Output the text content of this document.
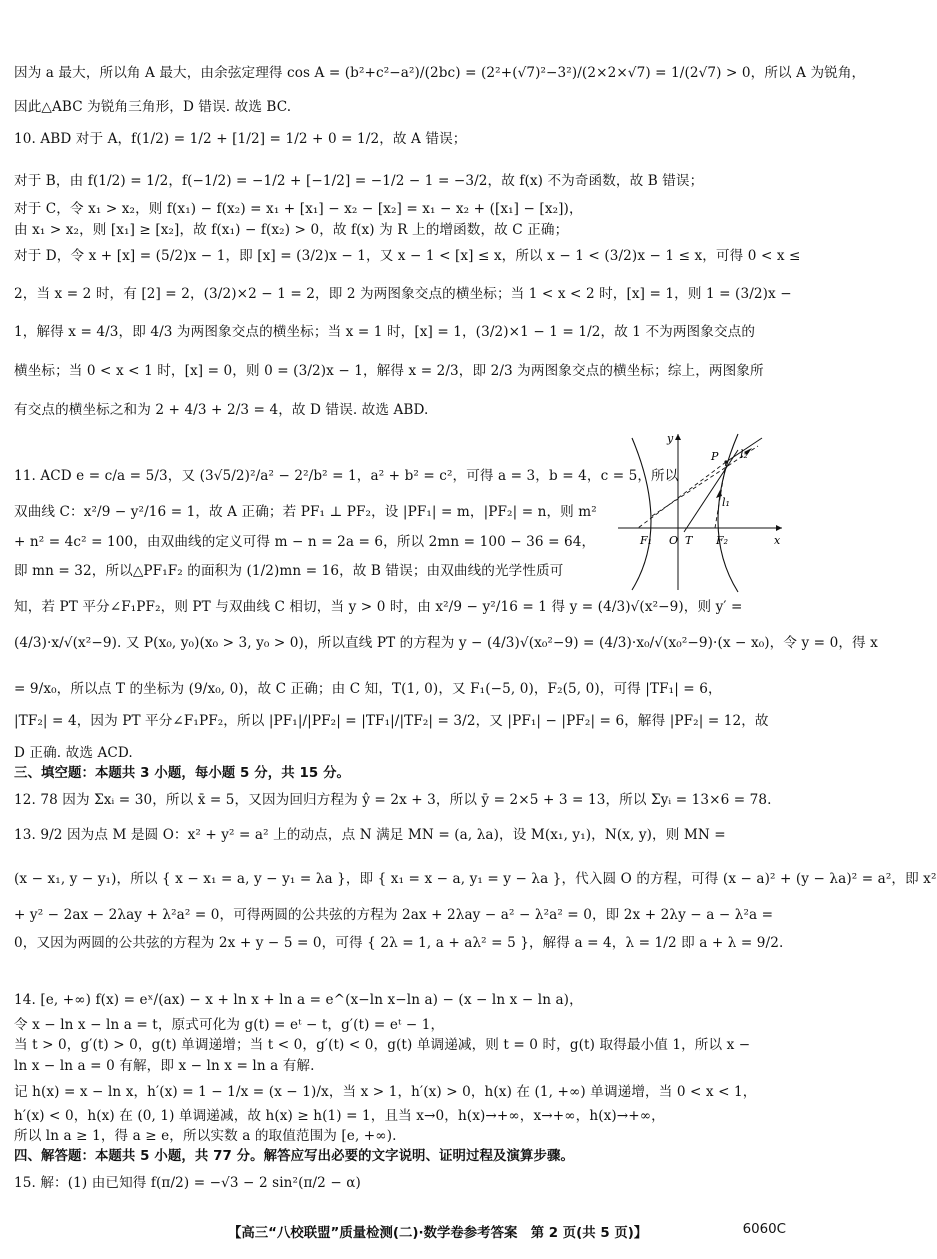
因为 a 最大，所以角 A 最大，由余弦定理得 cos A = (b²+c²−a²)/(2bc) = (2²+(√7)²−3²)/(2×2×√7) = 1/(2√7) > 0，所以 A 为锐角，
因此△ABC 为锐角三角形，D 错误. 故选 BC.
10. ABD 对于 A，f(1/2) = 1/2 + [1/2] = 1/2 + 0 = 1/2，故 A 错误；
对于 B，由 f(1/2) = 1/2，f(−1/2) = −1/2 + [−1/2] = −1/2 − 1 = −3/2，故 f(x) 不为奇函数，故 B 错误；
对于 C，令 x₁ > x₂，则 f(x₁) − f(x₂) = x₁ + [x₁] − x₂ − [x₂] = x₁ − x₂ + ([x₁] − [x₂])，
由 x₁ > x₂，则 [x₁] ≥ [x₂]，故 f(x₁) − f(x₂) > 0，故 f(x) 为 R 上的增函数，故 C 正确；
对于 D，令 x + [x] = (5/2)x − 1，即 [x] = (3/2)x − 1，又 x − 1 < [x] ≤ x，所以 x − 1 < (3/2)x − 1 ≤ x，可得 0 < x ≤
2，当 x = 2 时，有 [2] = 2，(3/2)×2 − 1 = 2，即 2 为两图象交点的横坐标；当 1 < x < 2 时，[x] = 1，则 1 = (3/2)x −
1，解得 x = 4/3，即 4/3 为两图象交点的横坐标；当 x = 1 时，[x] = 1，(3/2)×1 − 1 = 1/2，故 1 不为两图象交点的
横坐标；当 0 < x < 1 时，[x] = 0，则 0 = (3/2)x − 1，解得 x = 2/3，即 2/3 为两图象交点的横坐标；综上，两图象所
有交点的横坐标之和为 2 + 4/3 + 2/3 = 4，故 D 错误. 故选 ABD.
11. ACD e = c/a = 5/3，又 (3√5/2)²/a² − 2²/b² = 1，a² + b² = c²，可得 a = 3，b = 4，c = 5，所以
双曲线 C：x²/9 − y²/16 = 1，故 A 正确；若 PF₁ ⊥ PF₂，设 |PF₁| = m，|PF₂| = n，则 m²
+ n² = 4c² = 100，由双曲线的定义可得 m − n = 2a = 6，所以 2mn = 100 − 36 = 64，
即 mn = 32，所以△PF₁F₂ 的面积为 (1/2)mn = 16，故 B 错误；由双曲线的光学性质可
知，若 PT 平分∠F₁PF₂，则 PT 与双曲线 C 相切，当 y > 0 时，由 x²/9 − y²/16 = 1 得 y = (4/3)√(x²−9)，则 y′ =
(4/3)·x/√(x²−9). 又 P(x₀, y₀)(x₀ > 3, y₀ > 0)，所以直线 PT 的方程为 y − (4/3)√(x₀²−9) = (4/3)·x₀/√(x₀²−9)·(x − x₀)，令 y = 0，得 x
= 9/x₀，所以点 T 的坐标为 (9/x₀, 0)，故 C 正确；由 C 知，T(1, 0)，又 F₁(−5, 0)，F₂(5, 0)，可得 |TF₁| = 6，
|TF₂| = 4，因为 PT 平分∠F₁PF₂，所以 |PF₁|/|PF₂| = |TF₁|/|TF₂| = 3/2，又 |PF₁| − |PF₂| = 6，解得 |PF₂| = 12，故
D 正确. 故选 ACD.
三、填空题：本题共 3 小题，每小题 5 分，共 15 分。
12. 78 因为 Σxᵢ = 30，所以 x̄ = 5，又因为回归方程为 ŷ = 2x + 3，所以 ȳ = 2×5 + 3 = 13，所以 Σyᵢ = 13×6 = 78.
13. 9/2 因为点 M 是圆 O：x² + y² = a² 上的动点，点 N 满足 MN = (a, λa)，设 M(x₁, y₁)，N(x, y)，则 MN =
(x − x₁, y − y₁)，所以 { x − x₁ = a, y − y₁ = λa }，即 { x₁ = x − a, y₁ = y − λa }，代入圆 O 的方程，可得 (x − a)² + (y − λa)² = a²，即 x²
+ y² − 2ax − 2λay + λ²a² = 0，可得两圆的公共弦的方程为 2ax + 2λay − a² − λ²a² = 0，即 2x + 2λy − a − λ²a =
0，又因为两圆的公共弦的方程为 2x + y − 5 = 0，可得 { 2λ = 1, a + aλ² = 5 }，解得 a = 4，λ = 1/2 即 a + λ = 9/2.
14. [e, +∞) f(x) = eˣ/(ax) − x + ln x + ln a = e^(x−ln x−ln a) − (x − ln x − ln a)，
令 x − ln x − ln a = t，原式可化为 g(t) = eᵗ − t，g′(t) = eᵗ − 1，
当 t > 0，g′(t) > 0，g(t) 单调递增；当 t < 0，g′(t) < 0，g(t) 单调递减，则 t = 0 时，g(t) 取得最小值 1，所以 x −
ln x − ln a = 0 有解，即 x − ln x = ln a 有解.
记 h(x) = x − ln x，h′(x) = 1 − 1/x = (x − 1)/x，当 x > 1，h′(x) > 0，h(x) 在 (1, +∞) 单调递增，当 0 < x < 1，
h′(x) < 0，h(x) 在 (0, 1) 单调递减，故 h(x) ≥ h(1) = 1，且当 x→0，h(x)→+∞，x→+∞，h(x)→+∞，
所以 ln a ≥ 1，得 a ≥ e，所以实数 a 的取值范围为 [e, +∞).
四、解答题：本题共 5 小题，共 77 分。解答应写出必要的文字说明、证明过程及演算步骤。
15. 解：(1) 由已知得 f(π/2) = −√3 − 2 sin²(π/2 − α)
y
x
P l₂
l₁
F₁ O T F₂
【高三“八校联盟”质量检测(二)·数学卷参考答案　第 2 页(共 5 页)】	6060C
